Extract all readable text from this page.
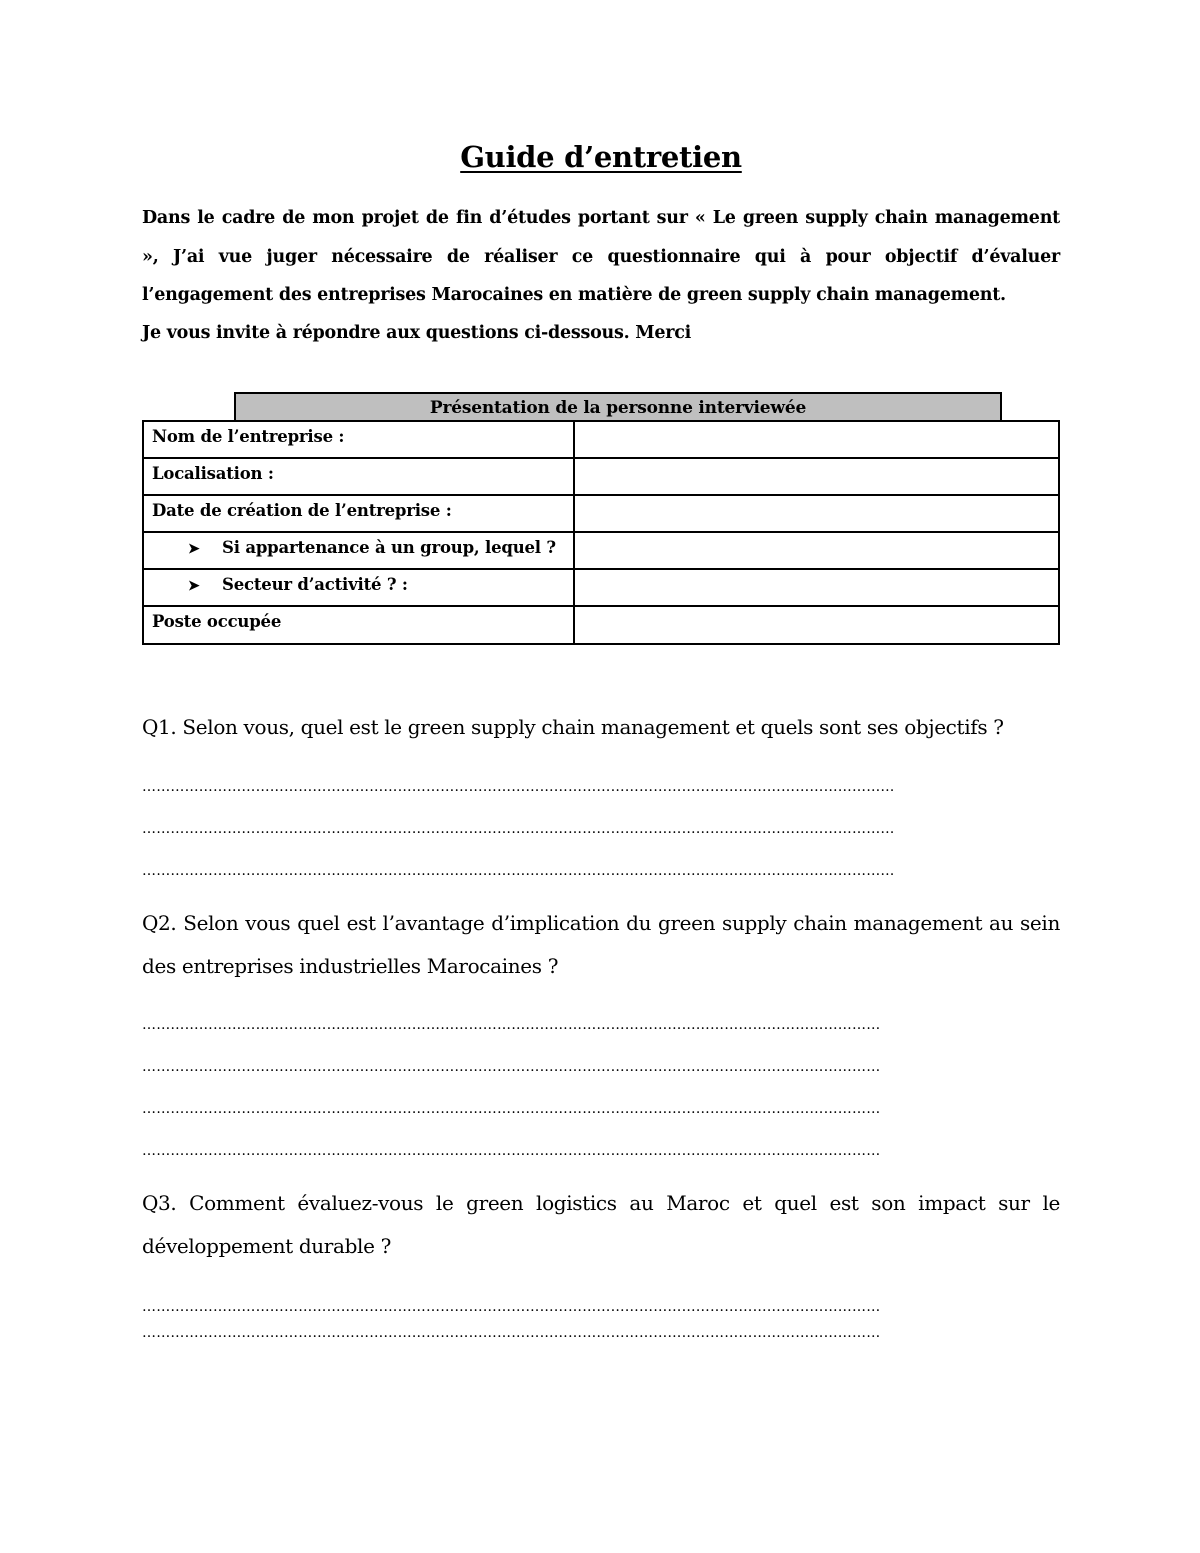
Guide d’entretien

Dans le cadre de mon projet de fin d’études portant sur « Le green supply chain management », J’ai vue juger nécessaire de réaliser ce questionnaire qui à pour objectif d’évaluer l’engagement des entreprises Marocaines en matière de green supply chain management.

Je vous invite à répondre aux questions ci-dessous. Merci
Présentation de la personne interviewée
Nom de l’entreprise :	
Localisation :	
Date de création de l’entreprise :	
➤ Si appartenance à un group, lequel ?	
➤ Secteur d’activité ? :	
Poste occupée	

Q1. Selon vous, quel est le green supply chain management et quels sont ses objectifs ?

……………………………………………………………………………………………………………………………………………
……………………………………………………………………………………………………………………………………………
……………………………………………………………………………………………………………………………………………

Q2. Selon vous quel est l’avantage d’implication du green supply chain management au sein des entreprises industrielles Marocaines ?

…………………………………………………………………………………………………………………………………………
…………………………………………………………………………………………………………………………………………
…………………………………………………………………………………………………………………………………………
…………………………………………………………………………………………………………………………………………

Q3. Comment évaluez-vous le green logistics au Maroc et quel est son impact sur le développement durable ?

…………………………………………………………………………………………………………………………………………
…………………………………………………………………………………………………………………………………………
